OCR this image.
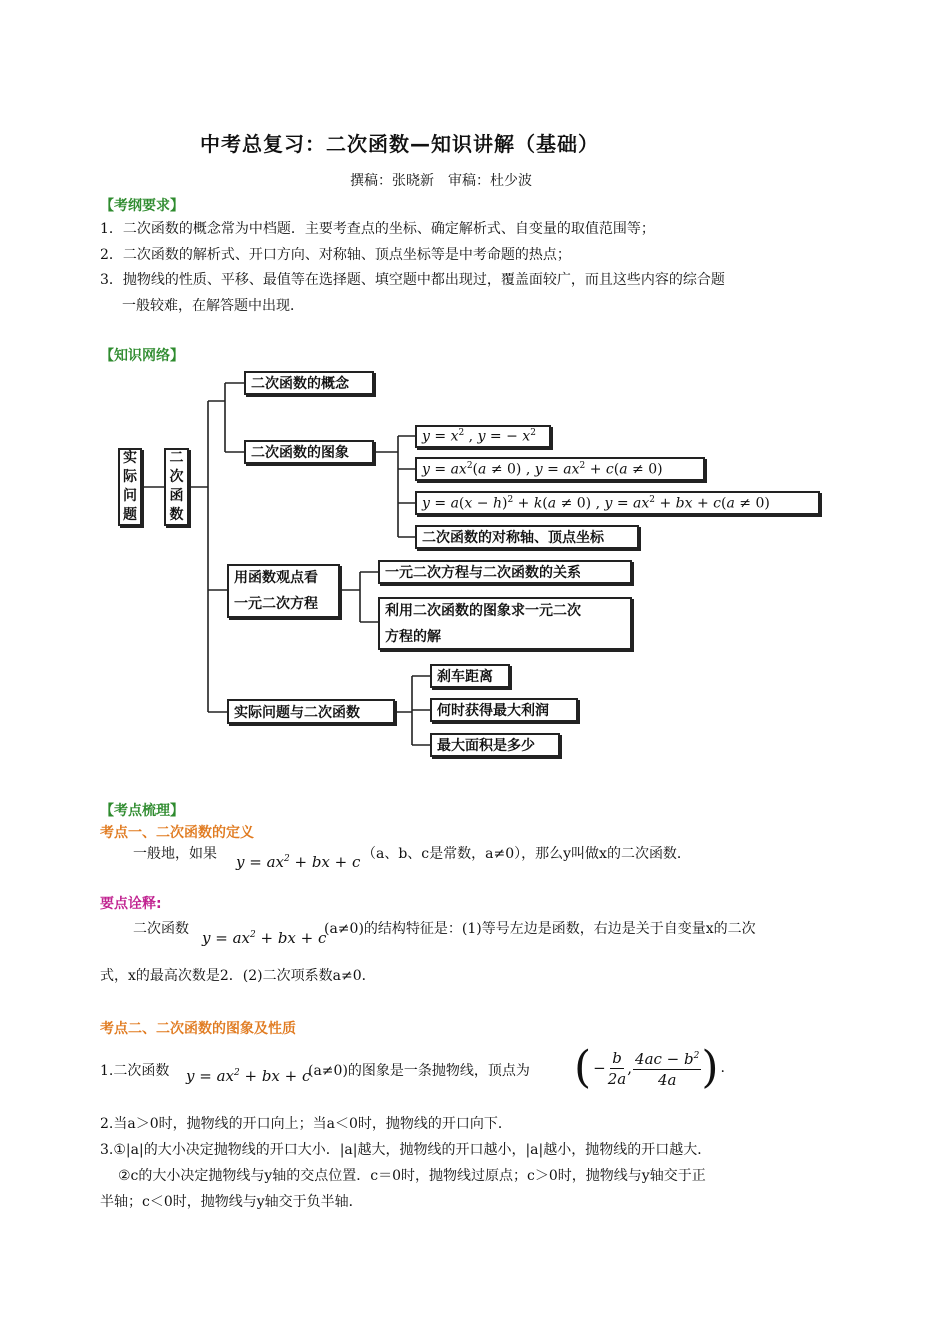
中考总复习：二次函数—知识讲解（基础）
撰稿：张晓新　审稿：杜少波
【考纲要求】
1．二次函数的概念常为中档题．主要考查点的坐标、确定解析式、自变量的取值范围等；
2．二次函数的解析式、开口方向、对称轴、顶点坐标等是中考命题的热点；
3．抛物线的性质、平移、最值等在选择题、填空题中都出现过，覆盖面较广，而且这些内容的综合题
一般较难，在解答题中出现．
【知识网络】
实
际
问
题
二
次
函
数
二次函数的概念
二次函数的图象
$y = x^2$ , y = − $x^2$
$y = ax^2(a \ne 0)$ , $y = ax^2 + c(a \ne 0)$
$y = a(x - h)^2 + k(a \ne 0)$ , $y = ax^2$ + bx + c(a ≠ 0)
二次函数的对称轴、顶点坐标
用函数观点看
一元二次方程
一元二次方程与二次函数的关系
利用二次函数的图象求一元二次
方程的解
实际问题与二次函数
刹车距离
何时获得最大利润
最大面积是多少
【考点梳理】
考点一、二次函数的定义
一般地，如果 $y = ax^2$ + bx + c （a、b、c是常数，a≠0），那么y叫做x的二次函数．
要点诠释:
二次函数 $y = ax^2$ + bx + c
(a≠0)的结构特征是：(1)等号左边是函数，右边是关于自变量x的二次
式，x的最高次数是2．(2)二次项系数a≠0．
考点二、二次函数的图象及性质
1.二次函数 $y = ax^2$ + bx + c
(a≠0)的图象是一条抛物线，顶点为 ( − $\frac{b}{2a}$ , $\frac{4ac - b^2}{4a}$ ) .
2.当a＞0时，抛物线的开口向上；当a＜0时，抛物线的开口向下．
3.①|a|的大小决定抛物线的开口大小．|a|越大，抛物线的开口越小，|a|越小，抛物线的开口越大．
②c的大小决定抛物线与y轴的交点位置．c＝0时，抛物线过原点；c＞0时，抛物线与y轴交于正
半轴；c＜0时，抛物线与y轴交于负半轴．
